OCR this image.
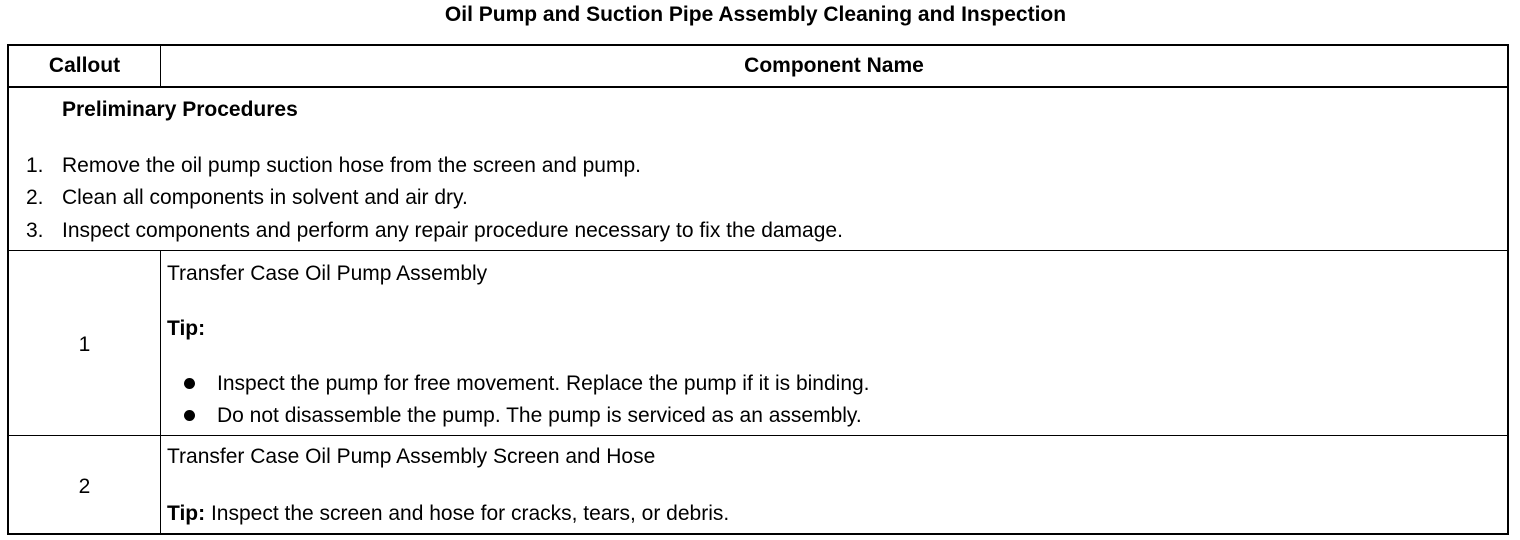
Oil Pump and Suction Pipe Assembly Cleaning and Inspection
Callout	Component Name
Preliminary Procedures
1. Remove the oil pump suction hose from the screen and pump.
2. Clean all components in solvent and air dry.
3. Inspect components and perform any repair procedure necessary to fix the damage.
1
Transfer Case Oil Pump Assembly
Tip:
Inspect the pump for free movement. Replace the pump if it is binding.
Do not disassemble the pump. The pump is serviced as an assembly.
2
Transfer Case Oil Pump Assembly Screen and Hose
Tip: Inspect the screen and hose for cracks, tears, or debris.
